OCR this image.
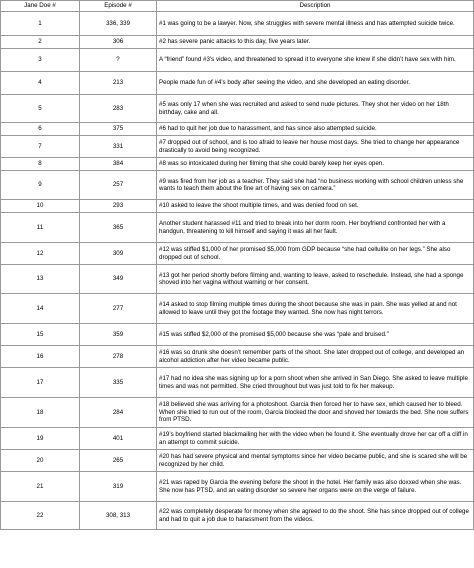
Jane Doe #	Episode #	Description
1	336, 339	#1 was going to be a lawyer. Now, she struggles with severe mental illness and has attempted suicide twice.
2	306	#2 has severe panic attacks to this day, five years later.
3	?	A “friend” found #3’s video, and threatened to spread it to everyone she knew if she didn’t have sex with him.
4	213	People made fun of #4’s body after seeing the video, and she developed an eating disorder.
5	283	#5 was only 17 when she was recruited and asked to send nude pictures. They shot her video on her 18th birthday, cake and all.
6	375	#6 had to quit her job due to harassment, and has since also attempted suicide.
7	331	#7 dropped out of school, and is too afraid to leave her house most days. She tried to change her appearance drastically to avoid being recognized.
8	384	#8 was so intoxicated during her filming that she could barely keep her eyes open.
9	257	#9 was fired from her job as a teacher. They said she had “no business working with school children unless she wants to teach them about the fine art of having sex on camera.”
10	293	#10 asked to leave the shoot multiple times, and was denied food on set.
11	365	Another student harassed #11 and tried to break into her dorm room. Her boyfriend confronted her with a handgun, threatening to kill himself and saying it was all her fault.
12	309	#12 was stiffed $1,000 of her promised $5,000 from GDP because “she had cellulite on her legs.” She also dropped out of school.
13	349	#13 got her period shortly before filming and, wanting to leave, asked to reschedule. Instead, she had a sponge shoved into her vagina without warning or her consent.
14	277	#14 asked to stop filming multiple times during the shoot because she was in pain. She was yelled at and not allowed to leave until they got the footage they wanted. She now has night terrors.
15	359	#15 was stiffed $2,000 of the promised $5,000 because she was “pale and bruised.”
16	278	#16 was so drunk she doesn’t remember parts of the shoot. She later dropped out of college, and developed an alcohol addiction after her video became public.
17	335	#17 had no idea she was signing up for a porn shoot when she arrived in San Diego. She asked to leave multiple times and was not permitted. She cried throughout but was just told to fix her makeup.
18	284	#18 believed she was arriving for a photoshoot. Garcia then forced her to have sex, which caused her to bleed. When she tried to run out of the room, Garcia blocked the door and shoved her towards the bed. She now suffers from PTSD.
19	401	#19’s boyfriend started blackmailing her with the video when he found it. She eventually drove her car off a cliff in an attempt to commit suicide.
20	265	#20 has had severe physical and mental symptoms since her video became public, and she is scared she will be recognized by her child.
21	319	#21 was raped by Garcia the evening before the shoot in the hotel. Her family was also doxxed when she was. She now has PTSD, and an eating disorder so severe her organs were on the verge of failure.
22	308, 313	#22 was completely desperate for money when she agreed to do the shoot. She has since dropped out of college and had to quit a job due to harassment from the videos.
